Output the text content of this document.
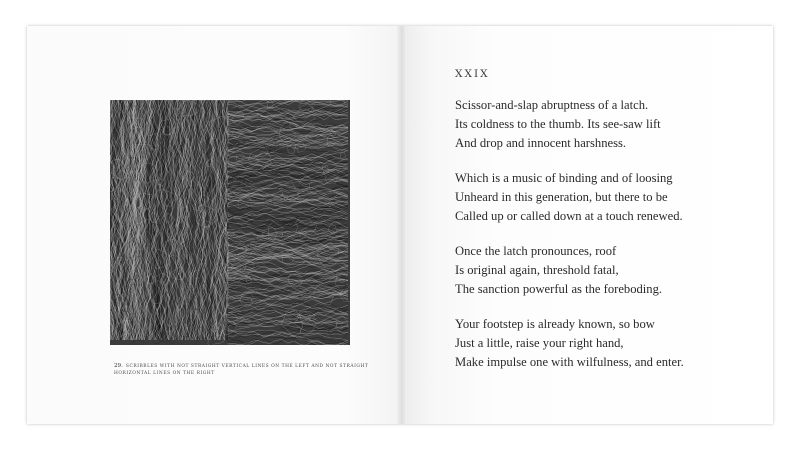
29. SCRIBBLES WITH NOT STRAIGHT VERTICAL LINES ON THE LEFT AND NOT STRAIGHT HORIZONTAL LINES ON THE RIGHT
XXIX
Scissor-and-slap abruptness of a latch.
Its coldness to the thumb. Its see-saw lift
And drop and innocent harshness.
Which is a music of binding and of loosing
Unheard in this generation, but there to be
Called up or called down at a touch renewed.
Once the latch pronounces, roof
Is original again, threshold fatal,
The sanction powerful as the foreboding.
Your footstep is already known, so bow
Just a little, raise your right hand,
Make impulse one with wilfulness, and enter.
